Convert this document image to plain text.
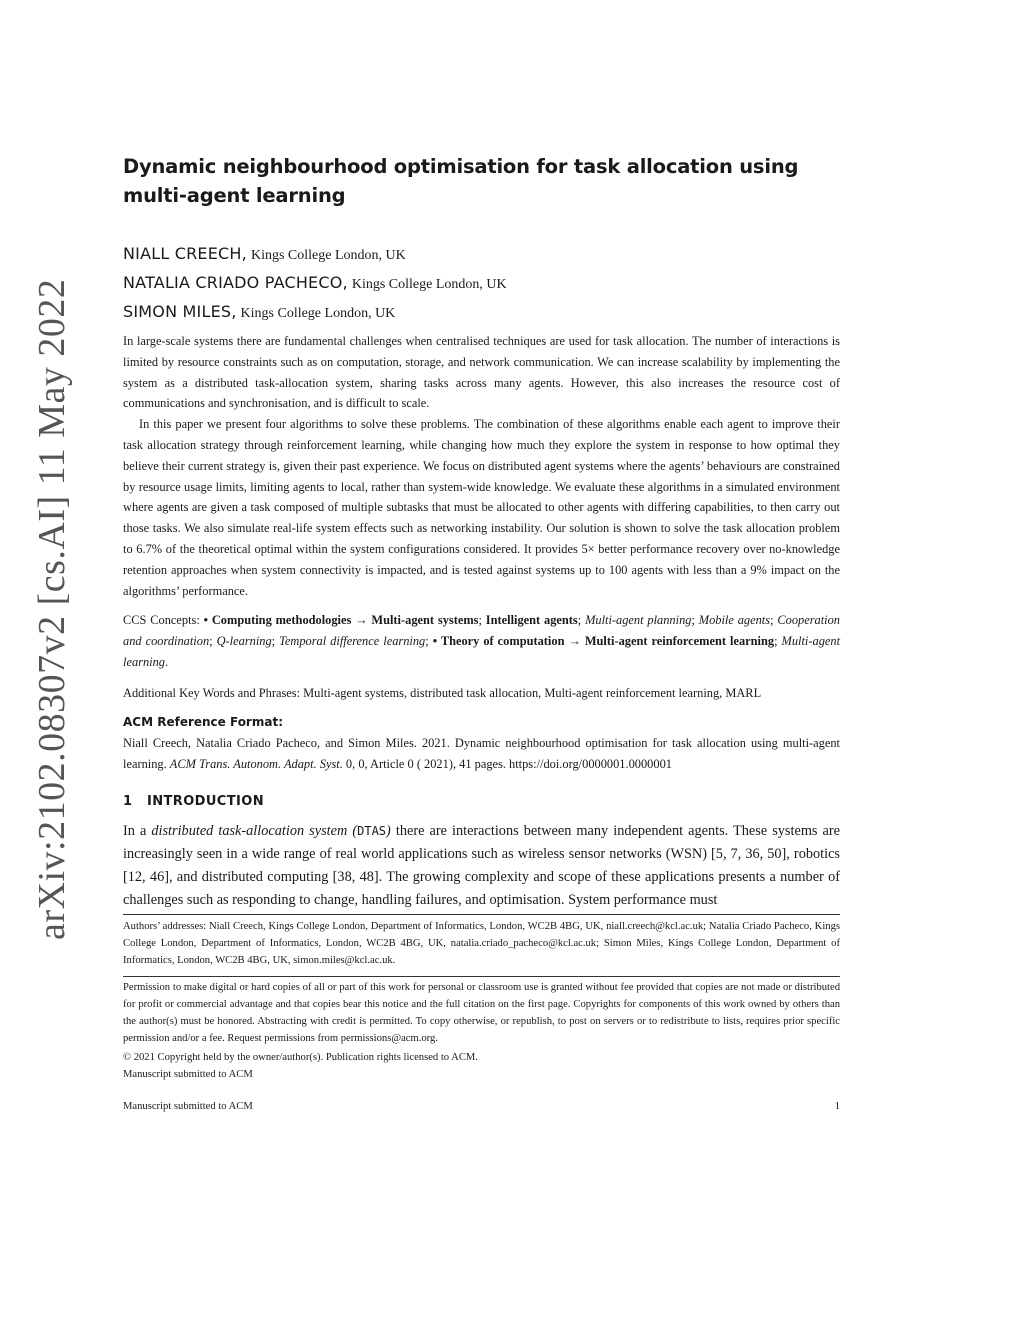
arXiv:2102.08307v2 [cs.AI] 11 May 2022
Dynamic neighbourhood optimisation for task allocation using multi-agent learning
NIALL CREECH, Kings College London, UK
NATALIA CRIADO PACHECO, Kings College London, UK
SIMON MILES, Kings College London, UK

In large-scale systems there are fundamental challenges when centralised techniques are used for task allocation. The number of interactions is limited by resource constraints such as on computation, storage, and network communication. We can increase scalability by implementing the system as a distributed task-allocation system, sharing tasks across many agents. However, this also increases the resource cost of communications and synchronisation, and is difficult to scale.

In this paper we present four algorithms to solve these problems. The combination of these algorithms enable each agent to improve their task allocation strategy through reinforcement learning, while changing how much they explore the system in response to how optimal they believe their current strategy is, given their past experience. We focus on distributed agent systems where the agents’ behaviours are constrained by resource usage limits, limiting agents to local, rather than system-wide knowledge. We evaluate these algorithms in a simulated environment where agents are given a task composed of multiple subtasks that must be allocated to other agents with differing capabilities, to then carry out those tasks. We also simulate real-life system effects such as networking instability. Our solution is shown to solve the task allocation problem to 6.7% of the theoretical optimal within the system configurations considered. It provides 5× better performance recovery over no-knowledge retention approaches when system connectivity is impacted, and is tested against systems up to 100 agents with less than a 9% impact on the algorithms’ performance.

CCS Concepts: • Computing methodologies → Multi-agent systems; Intelligent agents; Multi-agent planning; Mobile agents; Cooperation and coordination; Q-learning; Temporal difference learning; • Theory of computation → Multi-agent reinforcement learning; Multi-agent learning.
Additional Key Words and Phrases: Multi-agent systems, distributed task allocation, Multi-agent reinforcement learning, MARL
ACM Reference Format:
Niall Creech, Natalia Criado Pacheco, and Simon Miles. 2021. Dynamic neighbourhood optimisation for task allocation using multi-agent learning. ACM Trans. Autonom. Adapt. Syst. 0, 0, Article 0 ( 2021), 41 pages. https://doi.org/0000001.0000001
1 INTRODUCTION
In a distributed task-allocation system (DTAS) there are interactions between many independent agents. These systems are increasingly seen in a wide range of real world applications such as wireless sensor networks (WSN) [5, 7, 36, 50], robotics [12, 46], and distributed computing [38, 48]. The growing complexity and scope of these applications presents a number of challenges such as responding to change, handling failures, and optimisation. System performance must
Authors’ addresses: Niall Creech, Kings College London, Department of Informatics, London, WC2B 4BG, UK, niall.creech@kcl.ac.uk; Natalia Criado Pacheco, Kings College London, Department of Informatics, London, WC2B 4BG, UK, natalia.criado_pacheco@kcl.ac.uk; Simon Miles, Kings College London, Department of Informatics, London, WC2B 4BG, UK, simon.miles@kcl.ac.uk.

Permission to make digital or hard copies of all or part of this work for personal or classroom use is granted without fee provided that copies are not made or distributed for profit or commercial advantage and that copies bear this notice and the full citation on the first page. Copyrights for components of this work owned by others than the author(s) must be honored. Abstracting with credit is permitted. To copy otherwise, or republish, to post on servers or to redistribute to lists, requires prior specific permission and/or a fee. Request permissions from permissions@acm.org.

© 2021 Copyright held by the owner/author(s). Publication rights licensed to ACM.

Manuscript submitted to ACM

Manuscript submitted to ACM	1
